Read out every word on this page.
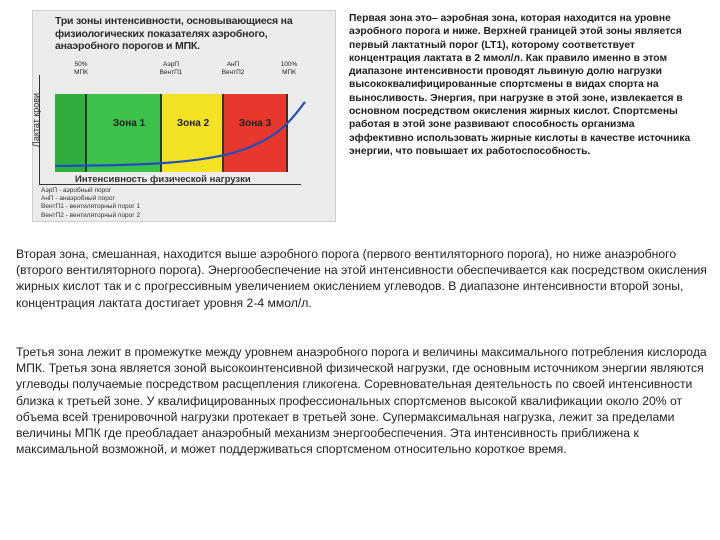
Три зоны интенсивности, основывающиеся на физиологических показателях аэробного, анаэробного порогов и МПК.
50%
МПК
АэрП
ВентП1
АнП
ВентП2
100%
МПК
Зона 1	Зона 2	Зона 3
Лактат крови
Интенсивность физической нагрузки
АэрП - аэробный порог
АнП - анаэробный порог
ВентП1 - вентиляторный порог 1
ВентП2 - вентиляторный порог 2
Первая зона это– аэробная зона, которая находится на уровне аэробного порога и ниже. Верхней границей этой зоны является первый лактатный порог (LT1), которому соответствует концентрация лактата в 2 ммол/л. Как правило именно в этом диапазоне интенсивности проводят львиную долю нагрузки высококвалифицированные спортсмены в видах спорта на выносливость. Энергия, при нагрузке в этой зоне, извлекается в основном посредством окисления жирных кислот. Спортсмены работая в этой зоне развивают способность организма эффективно использовать жирные кислоты в качестве источника энергии, что повышает их работоспособность.
Вторая зона, смешанная, находится выше аэробного порога (первого вентиляторного порога), но ниже анаэробного (второго вентиляторного порога). Энергообеспечение на этой интенсивности обеспечивается как посредством окисления жирных кислот так и с прогрессивным увеличением окислением углеводов. В диапазоне интенсивности второй зоны, концентрация лактата достигает уровня 2-4 ммол/л.
Третья зона лежит в промежутке между уровнем анаэробного порога и величины максимального потребления кислорода МПК. Третья зона является зоной высокоинтенсивной физической нагрузки, где основным источником энергии являются углеводы получаемые посредством расщепления гликогена. Соревновательная деятельность по своей интенсивности близка к третьей зоне. У квалифицированных профессиональных спортсменов высокой квалификации около 20% от объема всей тренировочной нагрузки протекает в третьей зоне. Супермаксимальная нагрузка, лежит за пределами величины МПК где преобладает анаэробный механизм энергообеспечения. Эта интенсивность приближена к максимальной возможной, и может поддерживаться спортсменом относительно короткое время.
